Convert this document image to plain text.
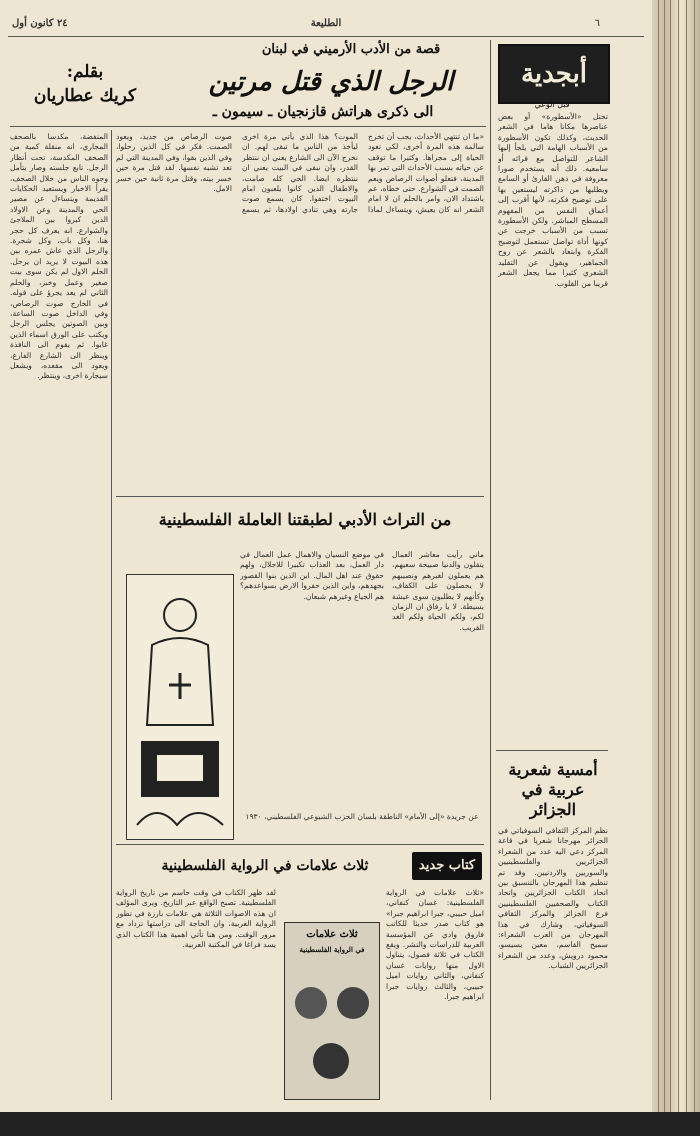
٦
الطليعة
٢٤ كانون أول
أبجدية
قبل الوعي
تحتل «الأسطورة» أو بعض عناصرها مكانا هاما في الشعر الحديث، وكذلك تكون الأسطورة من الأسباب الهامة التي يلجأ إليها الشاعر للتواصل مع قرائه أو سامعيه. ذلك أنه يستخدم صورا معروفة في ذهن القارئ أو السامع ويطلبها من ذاكرته ليستعين بها على توضيح فكرته، لأنها أقرب إلى أعماق النفس من المفهوم المسطح المباشر. ولكن الأسطورة تسبب من الأسباب خرجت عن كونها أداة تواصل تستعمل لتوضيح الفكرة وابتعاد بالشعر عن روح الجماهير، ويقول عن التقليد الشعري كثيرا مما يجعل الشعر قريبا من القلوب.
قصة من الأدب الأرميني في لبنان
الرجل الذي قتل مرتين
الى ذكرى هراتش قازنجيان ـ سيمون ـ
بقلم:
كريك عطاريان
«ما ان تنتهي الأحداث، يجب أن تخرج سالمة هذه المرة أخرى، لكي تعود الحياة إلى مجراها. وكثيرا ما توقف عن حياته بسبب الأحداث التي تمر بها المدينة، فتعلو أصوات الرصاص ويعم الصمت في الشوارع. حتى خطاه، عم باشتداد الان، وامر بالحلم ان لا امام الشعر انه كان يعيش، ويتساءل لماذا الموت؟ هذا الذي يأتي مرة اخرى ليأخذ من الناس ما تبقى لهم. ان نخرج الآن الى الشارع يعني ان ننتظر القدر، وان نبقى في البيت يعني ان ننتظره ايضا. الحي كله صامت، والاطفال الذين كانوا يلعبون امام البيوت اختفوا. كان يسمع صوت جارته وهي تنادي اولادها، ثم يسمع صوت الرصاص من جديد، ويعود الصمت. فكر في كل الذين رحلوا، وفي الذين بقوا، وفي المدينة التي لم تعد تشبه نفسها. لقد قتل مرة حين خسر بيته، وقتل مرة ثانية حين خسر الامل.
المنفضة، مكدسا بالصحف المجاري، انه منقلة كمية من الصحف المكدسة، تحت أنظار الرجل. تابع جلسته وصار يتأمل وجوه الناس من خلال الصحف، يقرأ الاخبار ويستعيد الحكايات القديمة ويتساءل عن مصير الحي والمدينة وعن الاولاد الذين كبروا بين الملاجئ والشوارع. انه يعرف كل حجر هنا، وكل باب، وكل شجرة. والرجل الذي عاش عمره بين هذه البيوت لا يريد ان يرحل. الحلم الاول لم يكن سوى بيت صغير وعمل وخبز، والحلم الثاني لم يعد يجرؤ على قوله. في الخارج صوت الرصاص، وفي الداخل صوت الساعة، وبين الصوتين يجلس الرجل ويكتب على الورق اسماء الذين غابوا. ثم يقوم الى النافذة وينظر الى الشارع الفارغ، ويعود الى مقعده، ويشعل سيجارة اخرى، وينتظر.
من التراث الأدبي لطبقتنا العاملة الفلسطينية
ماني رأيت معاشر العمال يتقلون والدنيا صبيحة سعيهم، هم يعملون لغيرهم ونصيبهم لا يحصلون على الكفاف، وكأنهم لا يطلبون سوى عيشة بسيطة. لا يا رفاق ان الزمان لكم، ولكم الحياة ولكم الغد القريب.
في موضع النسيان والاهمال عمل العمال في دار العمل، بعد العذاب تكبيرا للاجلال، ولهم حقوق عند اهل المال. اين الذين بنوا القصور بجهدهم، واين الذين حفروا الارض بسواعدهم؟ هم الجياع وغيرهم شبعان.
عن جريدة «إلى الأمام» الناطقة بلسان الحزب الشيوعي الفلسطيني، ١٩٣٠
أمسية شعرية عربية في الجزائر
نظم المركز الثقافي السوفياتي في الجزائر مهرجانا شعريا في قاعة المركز دعي اليه عدد من الشعراء الجزائريين والفلسطينيين والسوريين والاردنيين. وقد تم تنظيم هذا المهرجان بالتنسيق بين اتحاد الكتاب الجزائريين واتحاد الكتاب والصحفيين الفلسطينيين فرع الجزائر والمركز الثقافي السوفياتي، وشارك في هذا المهرجان من العرب الشعراء: سميح القاسم، معين بسيسو، محمود درويش، وعدد من الشعراء الجزائريين الشباب.
كتاب جديد
ثلاث علامات في الرواية الفلسطينية
«ثلاث علامات في الرواية الفلسطينية: غسان كنفاني، اميل حبيبي، جبرا ابراهيم جبرا» هو كتاب صدر حديثا للكاتب فاروق وادي عن المؤسسة العربية للدراسات والنشر. ويقع الكتاب في ثلاثة فصول، يتناول الاول منها روايات غسان كنفاني، والثاني روايات اميل حبيبي، والثالث روايات جبرا ابراهيم جبرا.
ثلاث علامات
في الرواية الفلسطينية
لقد ظهر الكتاب في وقت حاسم من تاريخ الرواية الفلسطينية. تصبح الواقع عبر التاريخ. ويرى المؤلف ان هذه الاصوات الثلاثة هي علامات بارزة في تطور الرواية العربية، وان الحاجة الى دراستها تزداد مع مرور الوقت. ومن هنا تأتي اهمية هذا الكتاب الذي يسد فراغا في المكتبة العربية.
